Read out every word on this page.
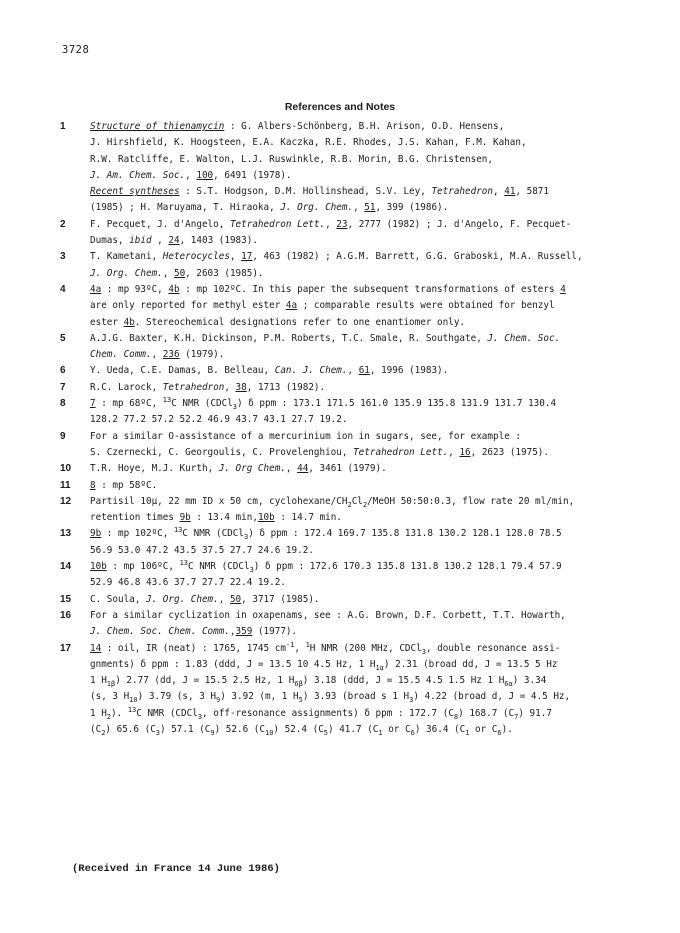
3728
References and Notes
1	Structure of thienamycin : G. Albers-Schönberg, B.H. Arison, O.D. Hensens,
J. Hirshfield, K. Hoogsteen, E.A. Kaczka, R.E. Rhodes, J.S. Kahan, F.M. Kahan,
R.W. Ratcliffe, E. Walton, L.J. Ruswinkle, R.B. Morin, B.G. Christensen,
J. Am. Chem. Soc., 100, 6491 (1978).
Recent syntheses : S.T. Hodgson, D.M. Hollinshead, S.V. Ley, Tetrahedron, 41, 5871
(1985) ; H. Maruyama, T. Hiraoka, J. Org. Chem., 51, 399 (1986).
2	F. Pecquet, J. d'Angelo, Tetrahedron Lett., 23, 2777 (1982) ; J. d'Angelo, F. Pecquet-
Dumas, ibid , 24, 1403 (1983).
3	T. Kametani, Heterocycles, 17, 463 (1982) ; A.G.M. Barrett, G.G. Graboski, M.A. Russell,
J. Org. Chem., 50, 2603 (1985).
4	4a : mp 93ºC, 4b : mp 102ºC. In this paper the subsequent transformations of esters 4
are only reported for methyl ester 4a ; comparable results were obtained for benzyl
ester 4b. Stereochemical designations refer to one enantiomer only.
5	A.J.G. Baxter, K.H. Dickinson, P.M. Roberts, T.C. Smale, R. Southgate, J. Chem. Soc.
Chem. Comm., 236 (1979).
6	Y. Ueda, C.E. Damas, B. Belleau, Can. J. Chem., 61, 1996 (1983).
7	R.C. Larock, Tetrahedron, 38, 1713 (1982).
8	7 : mp 68ºC, $^{13}$C NMR (CDCl$_3$) δ ppm : 173.1 171.5 161.0 135.9 135.8 131.9 131.7 130.4
128.2 77.2 57.2 52.2 46.9 43.7 43.1 27.7 19.2.
9	For a similar O-assistance of a mercurinium ion in sugars, see, for example :
S. Czernecki, C. Georgoulis, C. Provelenghiou, Tetrahedron Lett., 16, 2623 (1975).
10 T.R. Hoye, M.J. Kurth, J. Org Chem., 44, 3461 (1979).
11 8 : mp 58ºC.
12 Partisil 10μ, 22 mm ID x 50 cm, cyclohexane/$CH_2Cl_2$/MeOH 50:50:0.3, flow rate 20 ml/min,
retention times 9b : 13.4 min,10b : 14.7 min.
13 9b : mp 102ºC, $^{13}$C NMR (CDCl$_3$) δ ppm : 172.4 169.7 135.8 131.8 130.2 128.1 128.0 78.5
56.9 53.0 47.2 43.5 37.5 27.7 24.6 19.2.
14 10b : mp 106ºC, $^{13}$C NMR (CDCl$_3$) δ ppm : 172.6 170.3 135.8 131.8 130.2 128.1 79.4 57.9
52.9 46.8 43.6 37.7 27.7 22.4 19.2.
15 C. Soula, J. Org. Chem., 50, 3717 (1985).
16 For a similar cyclization in oxapenams, see : A.G. Brown, D.F. Corbett, T.T. Howarth,
J. Chem. Soc. Chem. Comm.,359 (1977).
17 14 : oil, IR (neat) : 1765, 1745 $cm^{-1}$, $^1$H NMR (200 MHz, CDCl$_3$, double resonance assi-
gnments) δ ppm : 1.83 (ddd, J = 13.5 10 4.5 Hz, 1 $H_{1\alpha}$) 2.31 (broad dd, J = 13.5 5 Hz
1 $H_{1\beta}$) 2.77 (dd, J = 15.5 2.5 Hz, 1 $H_{6\beta}$) 3.18 (ddd, J = 15.5 4.5 1.5 Hz 1 $H_{6\alpha}$) 3.34
(s, 3 $H_{10}$) 3.79 (s, 3 $H_9$) 3.92 (m, 1 $H_5$) 3.93 (broad s 1 $H_3$) 4.22 (broad d, J = 4.5 Hz,
1 $H_2$). $^{13}$C NMR (CDCl$_3$, off-resonance assignments) δ ppm : 172.7 $(C_8)$ 168.7 $(C_7)$ 91.7
$(C_2)$ 65.6 $(C_3)$ 57.1 $(C_9)$ 52.6 $(C_{10})$ 52.4 $(C_5)$ 41.7 ($C_1$ or $C_6$) 36.4 ($C_1$ or $C_6$).
(Received in France 14 June 1986)
